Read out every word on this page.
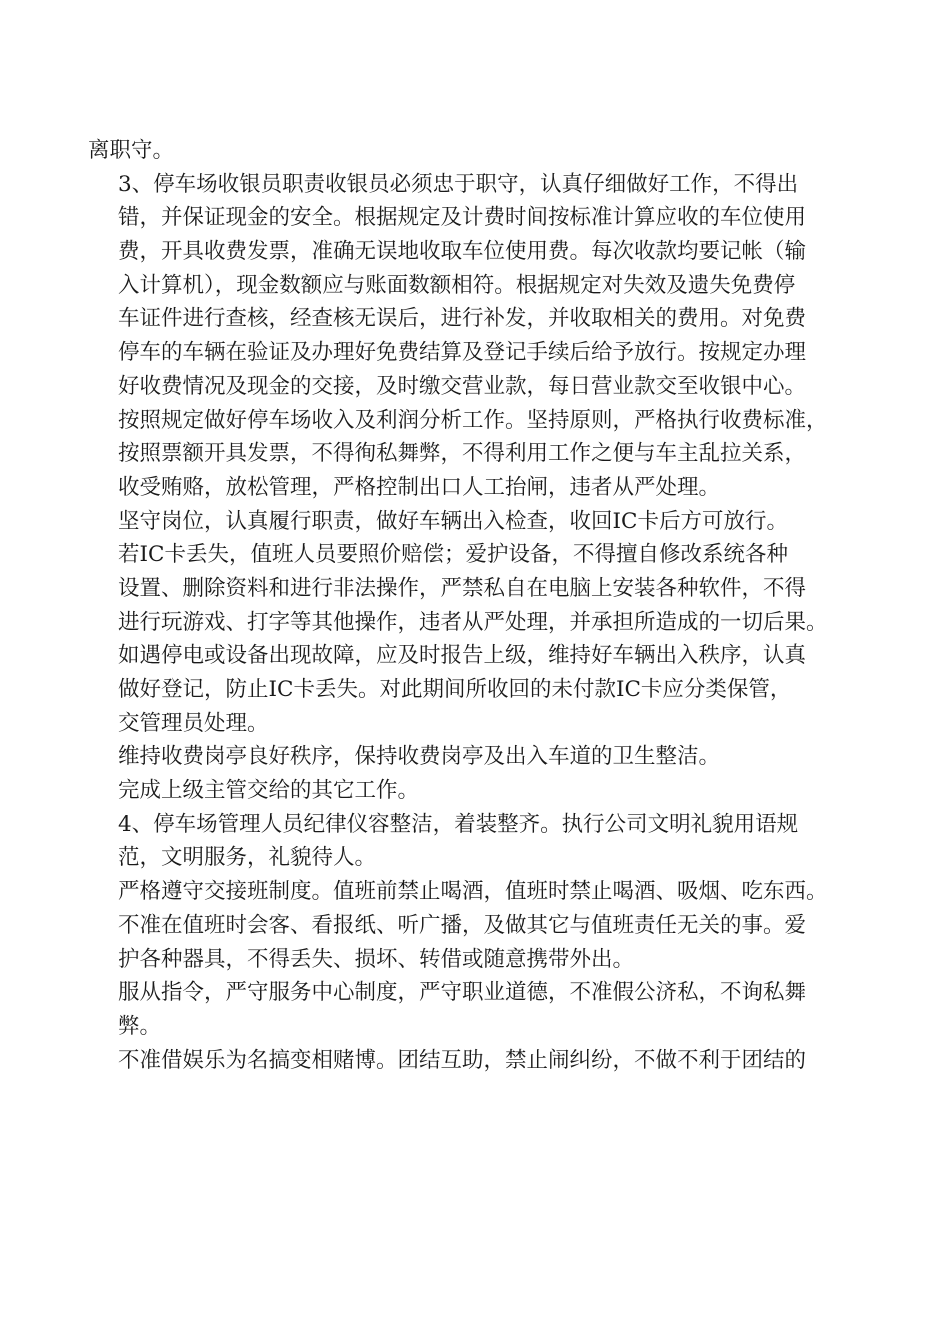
离职守。

3、停车场收银员职责收银员必须忠于职守，认真仔细做好工作，不得出

错，并保证现金的安全。根据规定及计费时间按标准计算应收的车位使用

费，开具收费发票，准确无误地收取车位使用费。每次收款均要记帐（输

入计算机），现金数额应与账面数额相符。根据规定对失效及遗失免费停

车证件进行查核，经查核无误后，进行补发，并收取相关的费用。对免费

停车的车辆在验证及办理好免费结算及登记手续后给予放行。按规定办理

好收费情况及现金的交接，及时缴交营业款，每日营业款交至收银中心。

按照规定做好停车场收入及利润分析工作。坚持原则，严格执行收费标准，

按照票额开具发票，不得徇私舞弊，不得利用工作之便与车主乱拉关系，

收受贿赂，放松管理，严格控制出口人工抬闸，违者从严处理。

坚守岗位，认真履行职责，做好车辆出入检查，收回IC卡后方可放行。

若IC卡丢失，值班人员要照价赔偿；爱护设备，不得擅自修改系统各种

设置、删除资料和进行非法操作，严禁私自在电脑上安装各种软件，不得

进行玩游戏、打字等其他操作，违者从严处理，并承担所造成的一切后果。

如遇停电或设备出现故障，应及时报告上级，维持好车辆出入秩序，认真

做好登记，防止IC卡丢失。对此期间所收回的未付款IC卡应分类保管，

交管理员处理。

维持收费岗亭良好秩序，保持收费岗亭及出入车道的卫生整洁。

完成上级主管交给的其它工作。

4、停车场管理人员纪律仪容整洁，着装整齐。执行公司文明礼貌用语规

范，文明服务，礼貌待人。

严格遵守交接班制度。值班前禁止喝酒，值班时禁止喝酒、吸烟、吃东西。

不准在值班时会客、看报纸、听广播，及做其它与值班责任无关的事。爱

护各种器具，不得丢失、损坏、转借或随意携带外出。

服从指令，严守服务中心制度，严守职业道德，不准假公济私，不询私舞

弊。

不准借娱乐为名搞变相赌博。团结互助，禁止闹纠纷，不做不利于团结的
